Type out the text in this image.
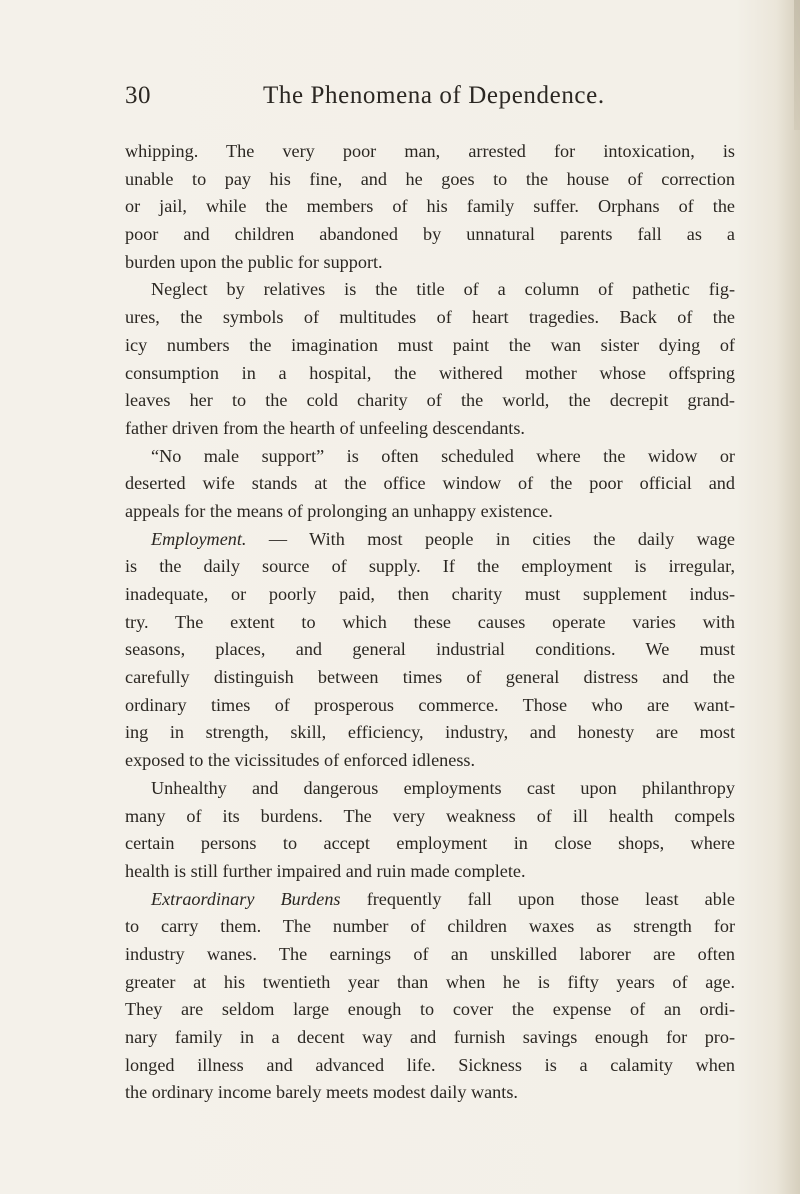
30	The Phenomena of Dependence.
whipping. The very poor man, arrested for intoxication, is
unable to pay his fine, and he goes to the house of correction
or jail, while the members of his family suffer. Orphans of the
poor and children abandoned by unnatural parents fall as a
burden upon the public for support.
Neglect by relatives is the title of a column of pathetic fig-
ures, the symbols of multitudes of heart tragedies. Back of the
icy numbers the imagination must paint the wan sister dying of
consumption in a hospital, the withered mother whose offspring
leaves her to the cold charity of the world, the decrepit grand-
father driven from the hearth of unfeeling descendants.
“No male support” is often scheduled where the widow or
deserted wife stands at the office window of the poor official and
appeals for the means of prolonging an unhappy existence.
Employment. — With most people in cities the daily wage
is the daily source of supply. If the employment is irregular,
inadequate, or poorly paid, then charity must supplement indus-
try. The extent to which these causes operate varies with
seasons, places, and general industrial conditions. We must
carefully distinguish between times of general distress and the
ordinary times of prosperous commerce. Those who are want-
ing in strength, skill, efficiency, industry, and honesty are most
exposed to the vicissitudes of enforced idleness.
Unhealthy and dangerous employments cast upon philanthropy
many of its burdens. The very weakness of ill health compels
certain persons to accept employment in close shops, where
health is still further impaired and ruin made complete.
Extraordinary Burdens frequently fall upon those least able
to carry them. The number of children waxes as strength for
industry wanes. The earnings of an unskilled laborer are often
greater at his twentieth year than when he is fifty years of age.
They are seldom large enough to cover the expense of an ordi-
nary family in a decent way and furnish savings enough for pro-
longed illness and advanced life. Sickness is a calamity when
the ordinary income barely meets modest daily wants.
